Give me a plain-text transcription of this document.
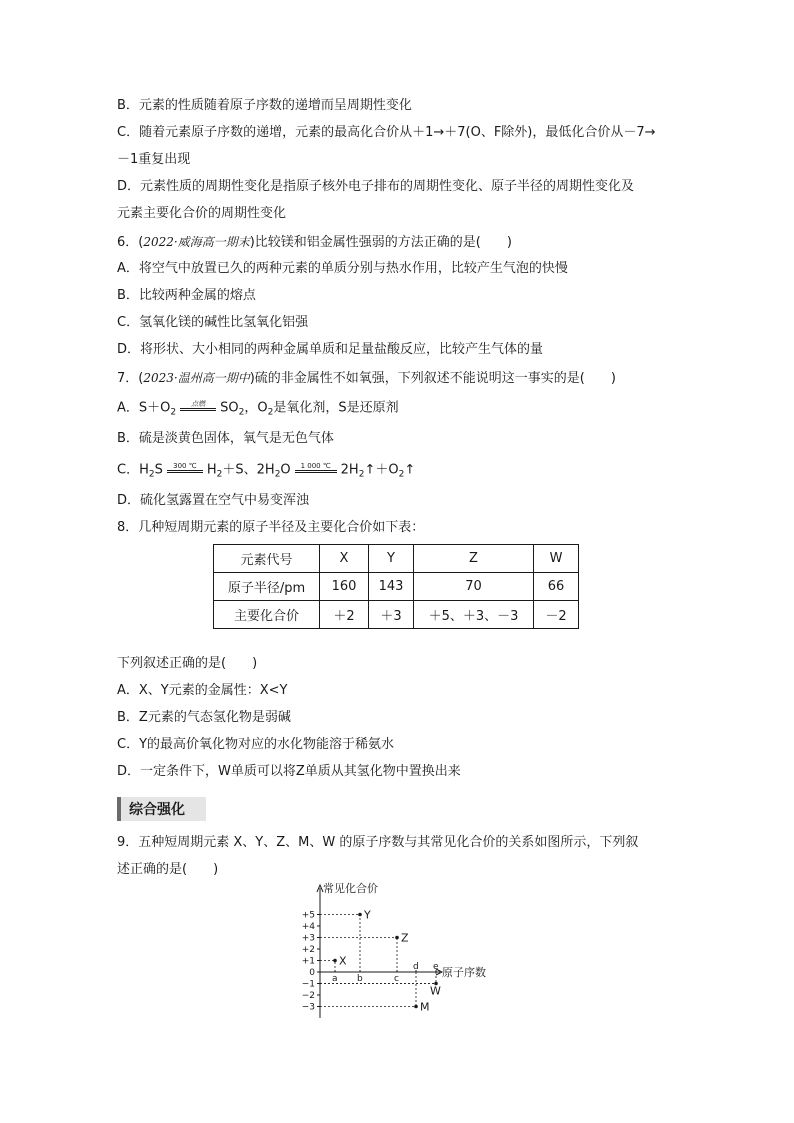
B．元素的性质随着原子序数的递增而呈周期性变化
C．随着元素原子序数的递增，元素的最高化合价从＋1→＋7(O、F除外)，最低化合价从－7→
－1重复出现
D．元素性质的周期性变化是指原子核外电子排布的周期性变化、原子半径的周期性变化及
元素主要化合价的周期性变化
6．(2022·威海高一期末)比较镁和铝金属性强弱的方法正确的是(　　)
A．将空气中放置已久的两种元素的单质分别与热水作用，比较产生气泡的快慢
B．比较两种金属的熔点
C．氢氧化镁的碱性比氢氧化铝强
D．将形状、大小相同的两种金属单质和足量盐酸反应，比较产生气体的量
7．(2023·温州高一期中)硫的非金属性不如氧强，下列叙述不能说明这一事实的是(　　)
A．$S+O_2$
点燃	$SO_2$，$O_2$是氧化剂，S是还原剂
B．硫是淡黄色固体，氧气是无色气体
C．$H_2S$	300 ℃ $H_2+S$、$2H_2O$	1 000 ℃ $2H_2↑+O_2↑$
D．硫化氢露置在空气中易变浑浊
8．几种短周期元素的原子半径及主要化合价如下表：
元素代号	X	Y	Z	W
原子半径/pm	160	143	70	66
主要化合价	＋2	＋3	＋5、＋3、－3	－2
下列叙述正确的是(　　)
A．X、Y元素的金属性：X<Y
B．Z元素的气态氢化物是弱碱
C．Y的最高价氧化物对应的水化物能溶于稀氨水
D．一定条件下，W单质可以将Z单质从其氢化物中置换出来
综合强化
9．五种短周期元素 X、Y、Z、M、W 的原子序数与其常见化合价的关系如图所示，下列叙
述正确的是(　　)
常见化合价
原子序数
+5
+4
+3
+2
+1
0
−1
−2
−3
a b	c
d e
X
Y
Z
M
W
